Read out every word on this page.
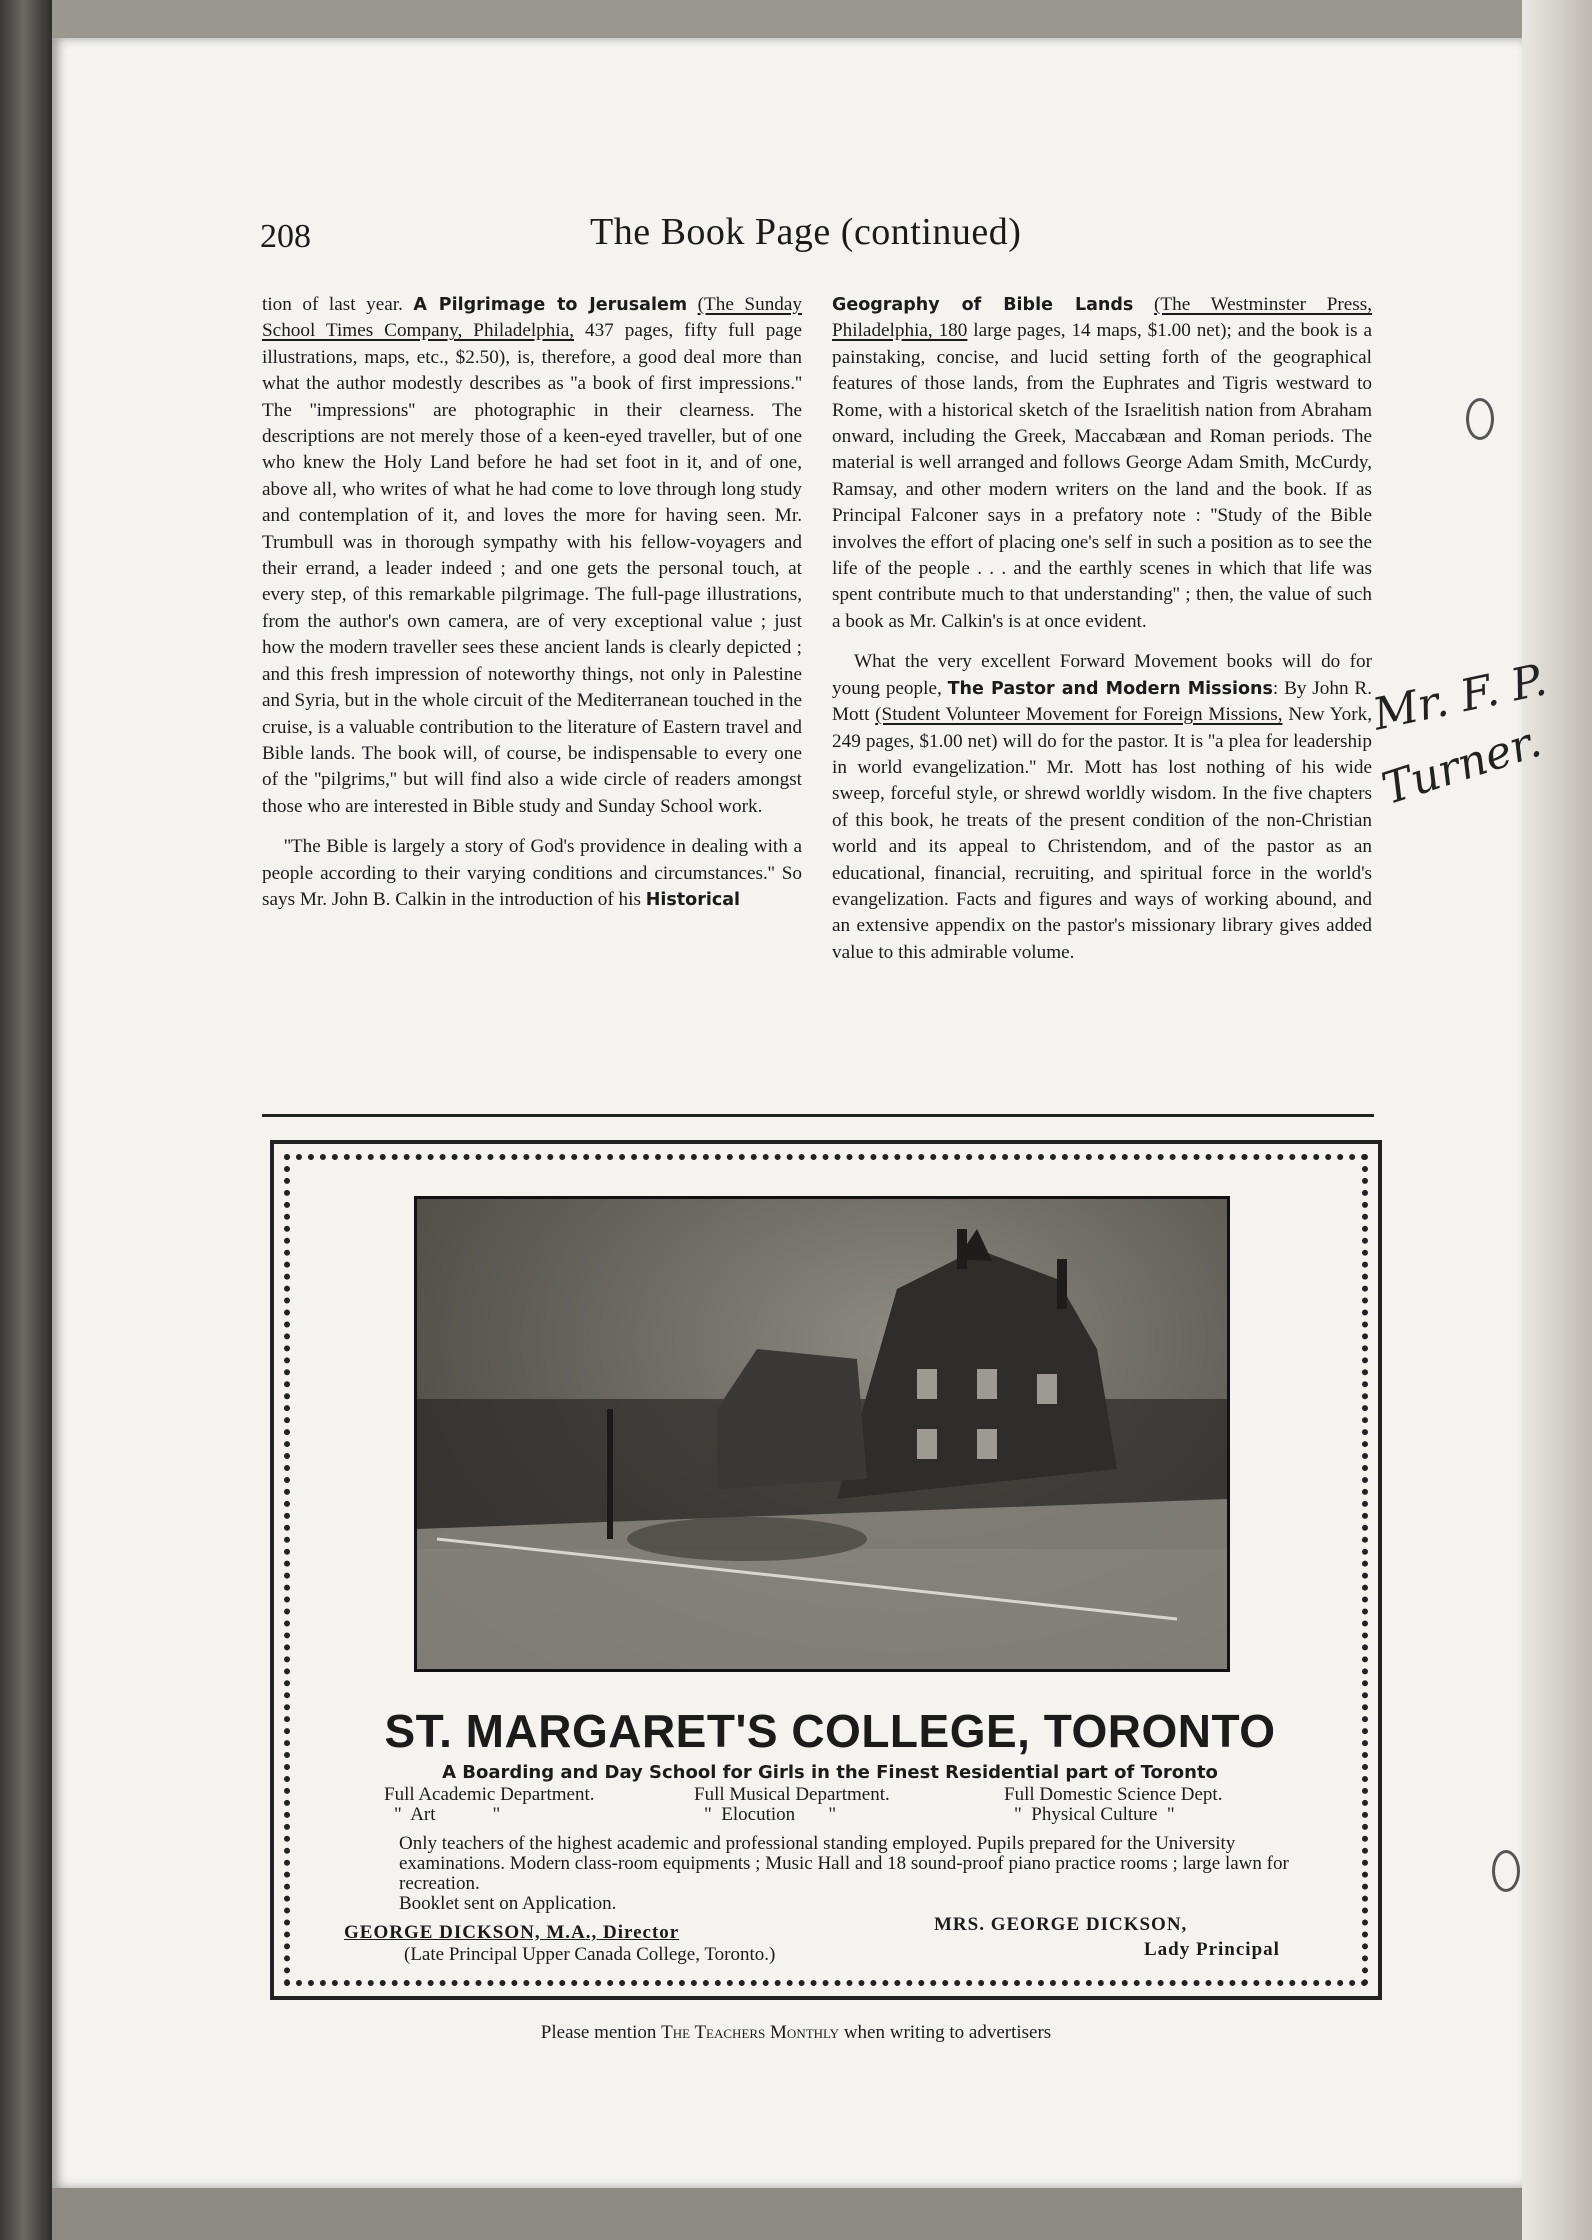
208	The Book Page (continued)

tion of last year. A Pilgrimage to Jerusalem (The Sunday School Times Company, Philadelphia, 437 pages, fifty full page illustrations, maps, etc., $2.50), is, therefore, a good deal more than what the author modestly describes as ''a book of first impressions.'' The ''impressions'' are photographic in their clearness. The descriptions are not merely those of a keen-eyed traveller, but of one who knew the Holy Land before he had set foot in it, and of one, above all, who writes of what he had come to love through long study and contemplation of it, and loves the more for having seen. Mr. Trumbull was in thorough sympathy with his fellow-voyagers and their errand, a leader indeed ; and one gets the personal touch, at every step, of this remarkable pilgrimage. The full-page illustrations, from the author's own camera, are of very exceptional value ; just how the modern traveller sees these ancient lands is clearly depicted ; and this fresh impression of noteworthy things, not only in Palestine and Syria, but in the whole circuit of the Mediterranean touched in the cruise, is a valuable contribution to the literature of Eastern travel and Bible lands. The book will, of course, be indispensable to every one of the ''pilgrims,'' but will find also a wide circle of readers amongst those who are interested in Bible study and Sunday School work.

''The Bible is largely a story of God's providence in dealing with a people according to their varying conditions and circumstances.'' So says Mr. John B. Calkin in the introduction of his Historical

Geography of Bible Lands (The Westminster Press, Philadelphia, 180 large pages, 14 maps, $1.00 net); and the book is a painstaking, concise, and lucid setting forth of the geographical features of those lands, from the Euphrates and Tigris westward to Rome, with a historical sketch of the Israelitish nation from Abraham onward, including the Greek, Maccabæan and Roman periods. The material is well arranged and follows George Adam Smith, McCurdy, Ramsay, and other modern writers on the land and the book. If as Principal Falconer says in a prefatory note : ''Study of the Bible involves the effort of placing one's self in such a position as to see the life of the people . . . and the earthly scenes in which that life was spent contribute much to that understanding'' ; then, the value of such a book as Mr. Calkin's is at once evident.

What the very excellent Forward Movement books will do for young people, The Pastor and Modern Missions: By John R. Mott (Student Volunteer Movement for Foreign Missions, New York, 249 pages, $1.00 net) will do for the pastor. It is ''a plea for leadership in world evangelization.'' Mr. Mott has lost nothing of his wide sweep, forceful style, or shrewd worldly wisdom. In the five chapters of this book, he treats of the present condition of the non-Christian world and its appeal to Christendom, and of the pastor as an educational, financial, recruiting, and spiritual force in the world's evangelization. Facts and figures and ways of working abound, and an extensive appendix on the pastor's missionary library gives added value to this admirable volume.

Mr. F. P.
Turner.
ST. MARGARET'S COLLEGE, TORONTO
A Boarding and Day School for Girls in the Finest Residential part of Toronto
Full Academic Department.	Full Musical Department.	Full Domestic Science Dept.
"  Art            "	"  Elocution       "	"  Physical Culture  "
Only teachers of the highest academic and professional standing employed. Pupils prepared for the University examinations. Modern class-room equipments ; Music Hall and 18 sound-proof piano practice rooms ; large lawn for recreation.
Booklet sent on Application.
GEORGE DICKSON, M.A., Director
(Late Principal Upper Canada College, Toronto.)
MRS. GEORGE DICKSON,
Lady Principal
Please mention The Teachers Monthly when writing to advertisers
